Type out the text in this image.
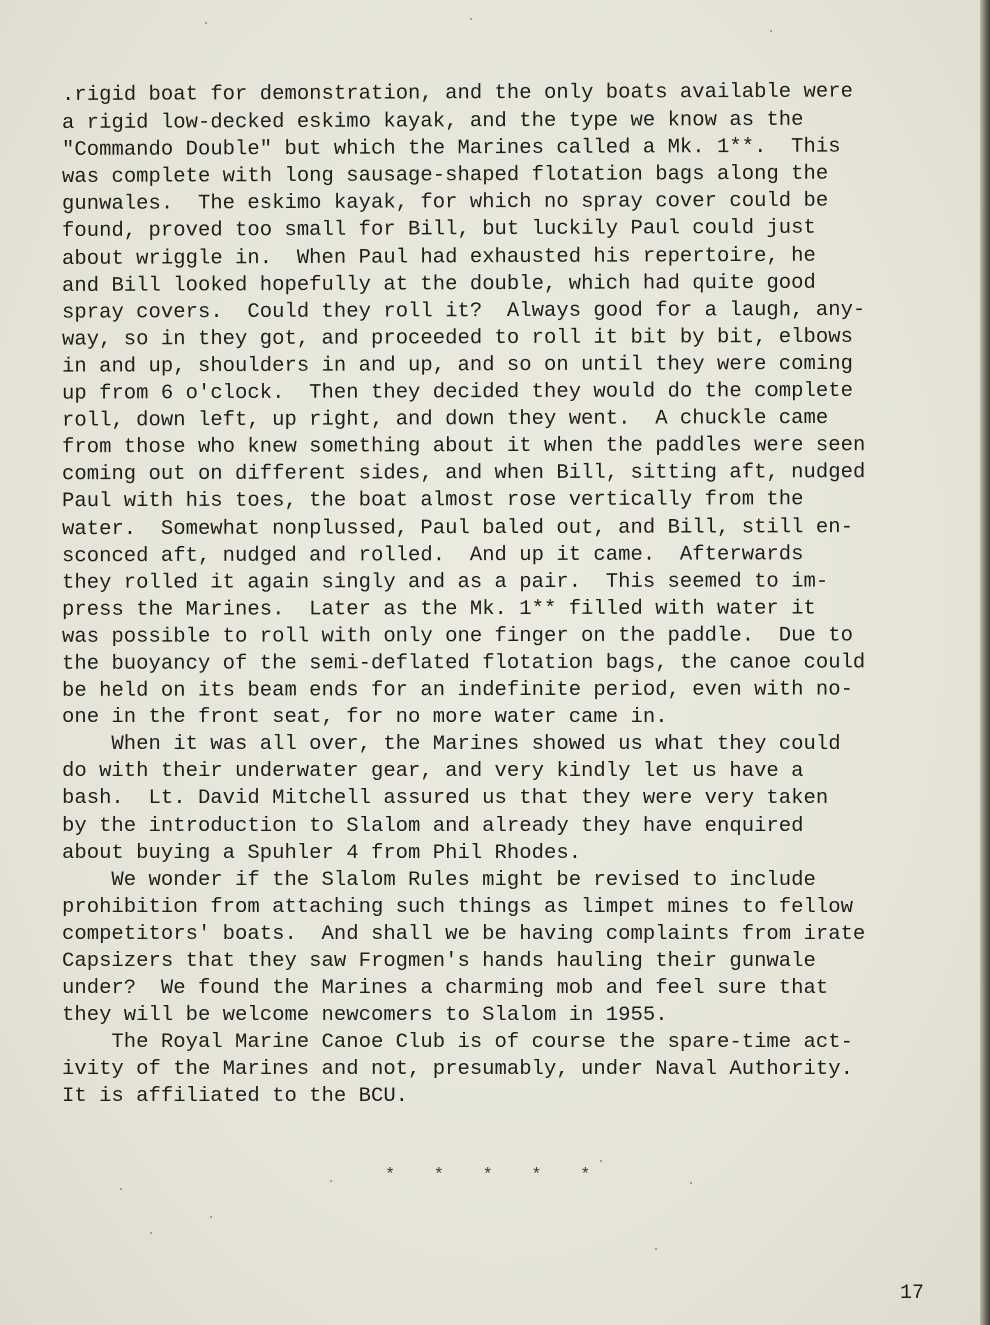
.rigid boat for demonstration, and the only boats available were
a rigid low-decked eskimo kayak, and the type we know as the
"Commando Double" but which the Marines called a Mk. 1**.  This
was complete with long sausage-shaped flotation bags along the
gunwales.  The eskimo kayak, for which no spray cover could be
found, proved too small for Bill, but luckily Paul could just
about wriggle in.  When Paul had exhausted his repertoire, he
and Bill looked hopefully at the double, which had quite good
spray covers.  Could they roll it?  Always good for a laugh, any-
way, so in they got, and proceeded to roll it bit by bit, elbows
in and up, shoulders in and up, and so on until they were coming
up from 6 o'clock.  Then they decided they would do the complete
roll, down left, up right, and down they went.  A chuckle came
from those who knew something about it when the paddles were seen
coming out on different sides, and when Bill, sitting aft, nudged
Paul with his toes, the boat almost rose vertically from the
water.  Somewhat nonplussed, Paul baled out, and Bill, still en-
sconced aft, nudged and rolled.  And up it came.  Afterwards
they rolled it again singly and as a pair.  This seemed to im-
press the Marines.  Later as the Mk. 1** filled with water it
was possible to roll with only one finger on the paddle.  Due to
the buoyancy of the semi-deflated flotation bags, the canoe could
be held on its beam ends for an indefinite period, even with no-
one in the front seat, for no more water came in.
When it was all over, the Marines showed us what they could
do with their underwater gear, and very kindly let us have a
bash.  Lt. David Mitchell assured us that they were very taken
by the introduction to Slalom and already they have enquired
about buying a Spuhler 4 from Phil Rhodes.
We wonder if the Slalom Rules might be revised to include
prohibition from attaching such things as limpet mines to fellow
competitors' boats.  And shall we be having complaints from irate
Capsizers that they saw Frogmen's hands hauling their gunwale
under?  We found the Marines a charming mob and feel sure that
they will be welcome newcomers to Slalom in 1955.
The Royal Marine Canoe Club is of course the spare-time act-
ivity of the Marines and not, presumably, under Naval Authority.
It is affiliated to the BCU.
*   *   *   *   *
17
